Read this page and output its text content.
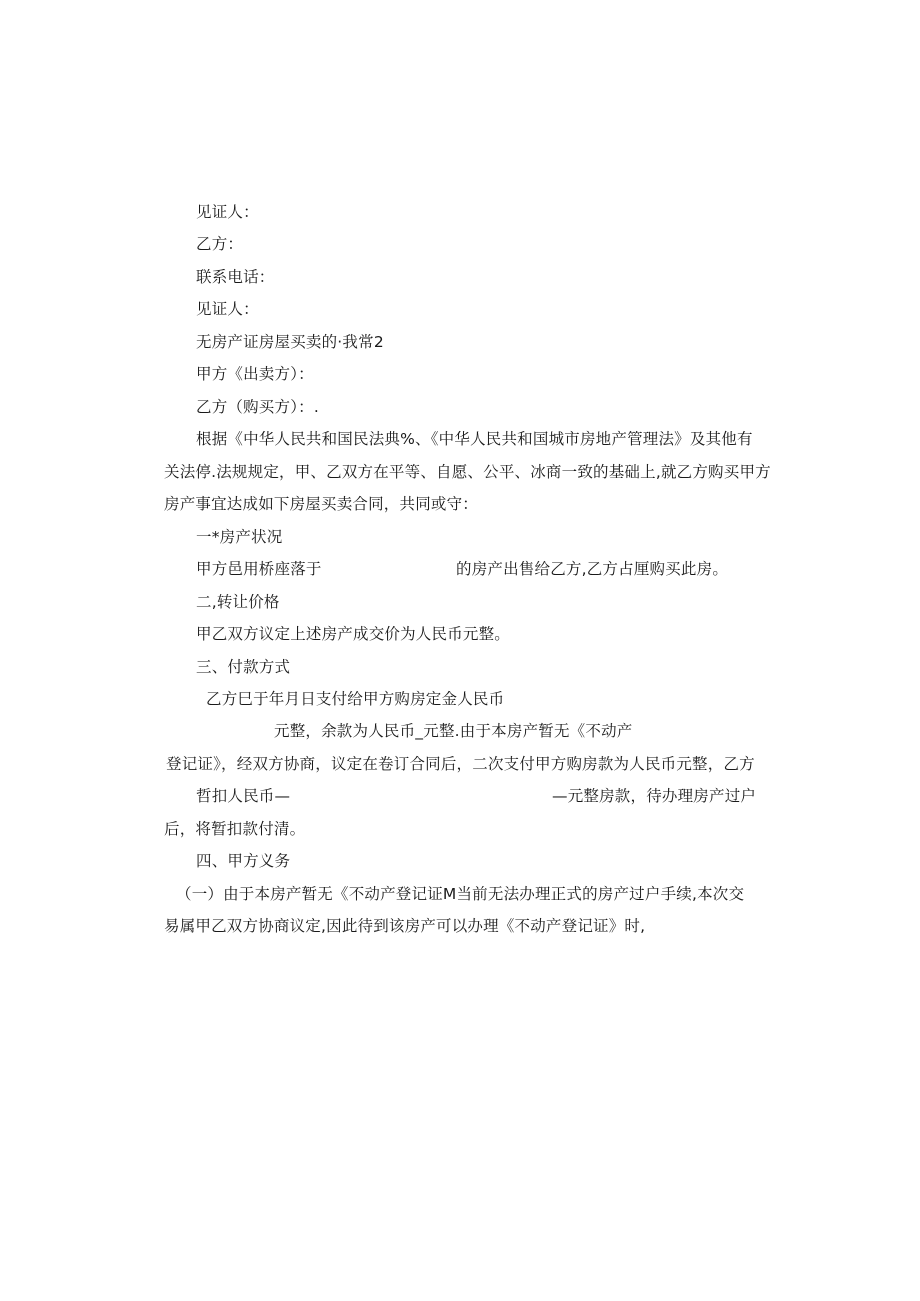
见证人：
乙方：
联系电话：
见证人：
无房产证房屋买卖的·我常2
甲方《出卖方）：
乙方（购买方）：.
根据《中华人民共和国民法典%、《中华人民共和国城市房地产管理法》及其他有
关法停.法规规定，甲、乙双方在平等、自愿、公平、冰商一致的基础上,就乙方购买甲方
房产事宜达成如下房屋买卖合同，共同或守：
一*房产状况
甲方邑用桥座落于	的房产出售给乙方,乙方占厘购买此房。
二,转让价格
甲乙双方议定上述房产成交价为人民币元整。
三、付款方式
乙方巳于年月日支付给甲方购房定金人民币
元整，余款为人民币_元整.由于本房产暂无《不动产
登记证》，经双方协商，议定在卷订合同后，二次支付甲方购房款为人民币元整，乙方
哲扣人民币—	—元整房款，待办理房产过户
后，将暂扣款付清。
四、甲方义务
（一）由于本房产暂无《不动产登记证M当前无法办理正式的房产过户手续,本次交
易属甲乙双方协商议定,因此待到该房产可以办理《不动产登记证》时,
